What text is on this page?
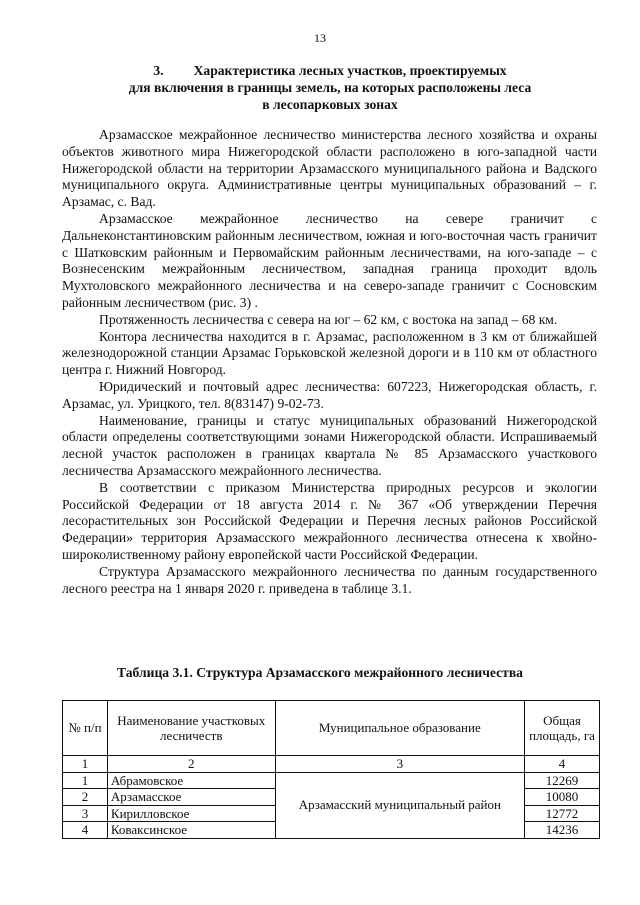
13
3. Характеристика лесных участков, проектируемых
для включения в границы земель, на которых расположены леса
в лесопарковых зонах

Арзамасское межрайонное лесничество министерства лесного хозяйства и охраны объектов животного мира Нижегородской области расположено в юго-западной части Нижегородской области на территории Арзамасского муниципального района и Вадского муниципального округа. Административные центры муниципальных образований – г. Арзамас, с. Вад.

Арзамасское межрайонное лесничество на севере граничит с Дальнеконстантиновским районным лесничеством, южная и юго-восточная часть граничит с Шатковским районным и Первомайским районным лесничествами, на юго-западе – с Вознесенским межрайонным лесничеством, западная граница проходит вдоль Мухтоловского межрайонного лесничества и на северо-западе граничит с Сосновским районным лесничеством (рис. 3) .

Протяженность лесничества с севера на юг – 62 км, с востока на запад – 68 км.

Контора лесничества находится в г. Арзамас, расположенном в 3 км от ближайшей железнодорожной станции Арзамас Горьковской железной дороги и в 110 км от областного центра г. Нижний Новгород.

Юридический и почтовый адрес лесничества: 607223, Нижегородская область, г. Арзамас, ул. Урицкого, тел. 8(83147) 9-02-73.

Наименование, границы и статус муниципальных образований Нижегородской области определены соответствующими зонами Нижегородской области. Испрашиваемый лесной участок расположен в границах квартала № 85 Арзамасского участкового лесничества Арзамасского межрайонного лесничества.

В соответствии с приказом Министерства природных ресурсов и экологии Российской Федерации от 18 августа 2014 г. № 367 «Об утверждении Перечня лесорастительных зон Российской Федерации и Перечня лесных районов Российской Федерации» территория Арзамасского межрайонного лесничества отнесена к хвойно-широколиственному району европейской части Российской Федерации.

Структура Арзамасского межрайонного лесничества по данным государственного лесного реестра на 1 января 2020 г. приведена в таблице 3.1.

Таблица 3.1. Структура Арзамасского межрайонного лесничества
№ п/п	Наименование участковых лесничеств	Муниципальное образование	Общая площадь, га
1	2	3	4
1	Абрамовское	Арзамасский муниципальный район	12269
2	Арзамасское		10080
3	Кирилловское		12772
4	Ковакcинское		14236
